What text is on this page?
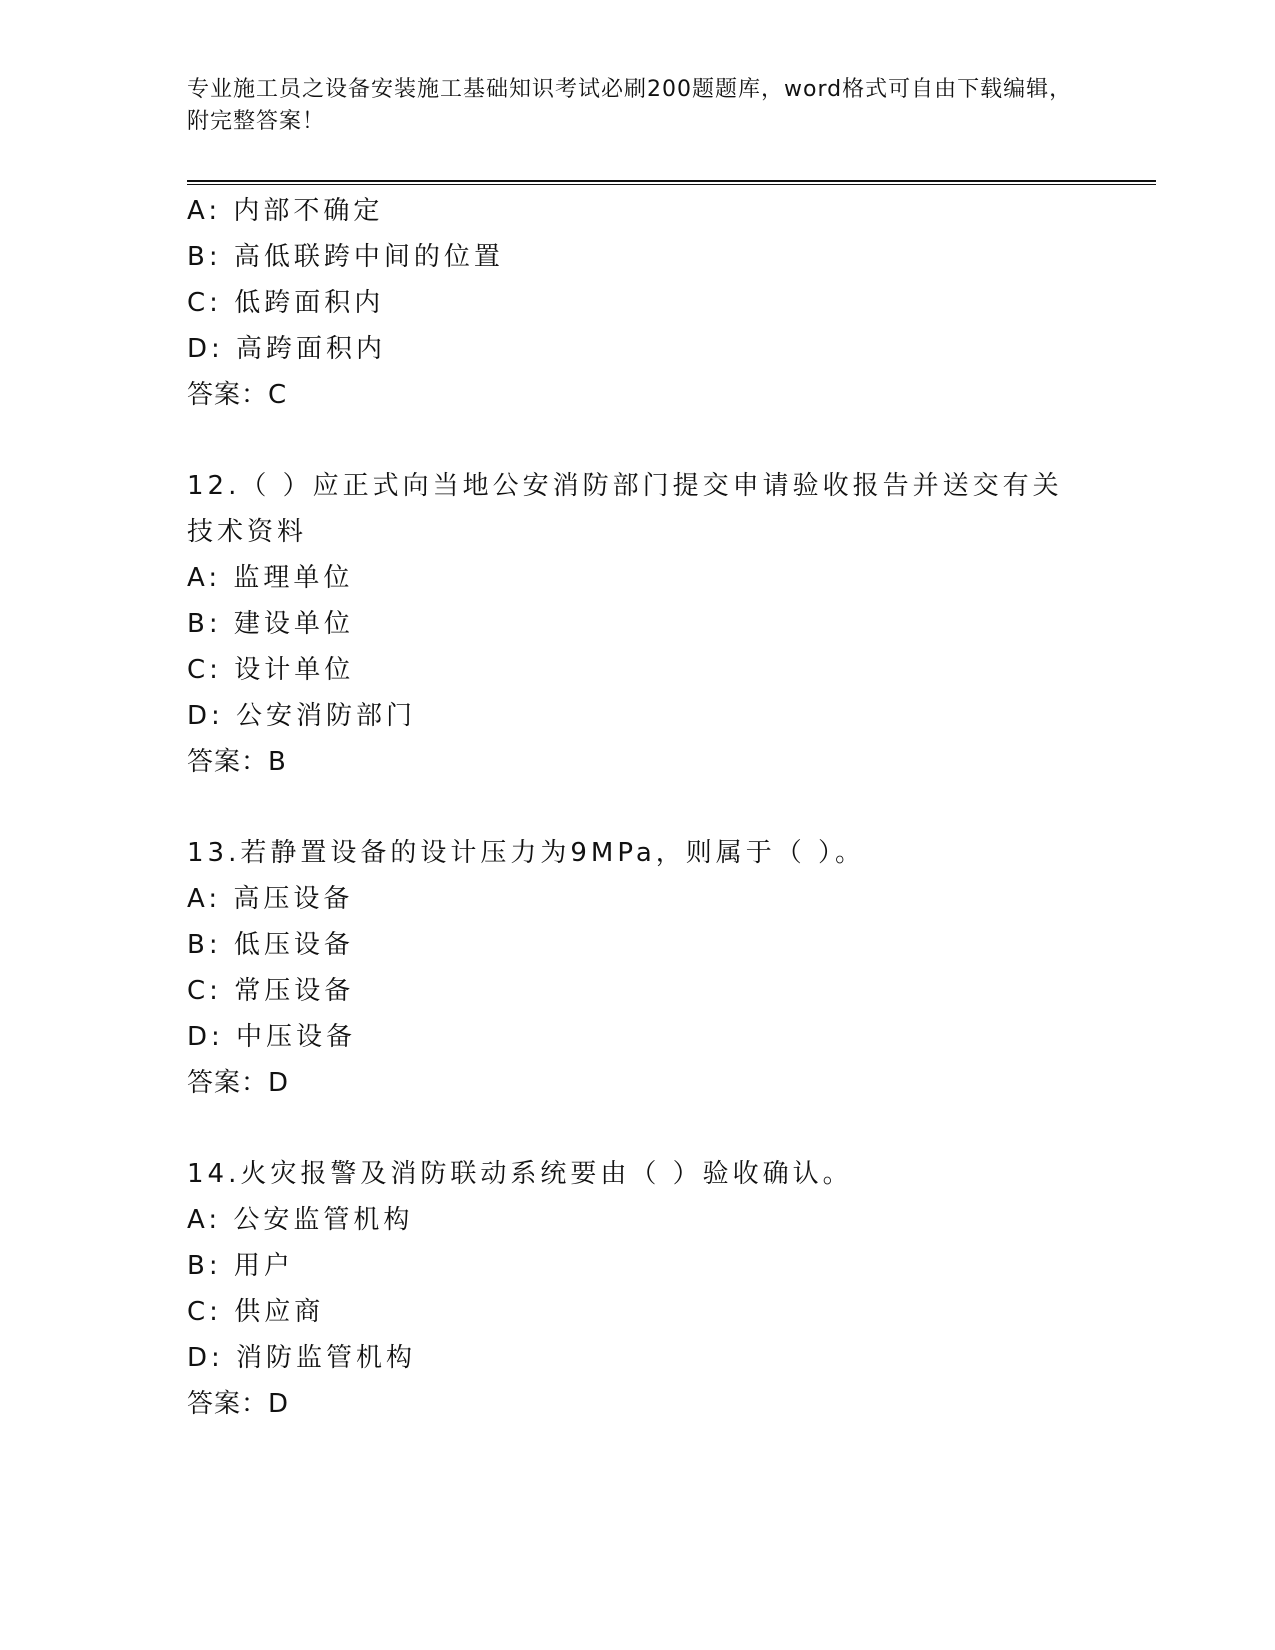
专业施工员之设备安装施工基础知识考试必刷200题题库，word格式可自由下载编辑，附完整答案！
A: 内部不确定
B: 高低联跨中间的位置
C: 低跨面积内
D: 高跨面积内
答案：C
12.（ ）应正式向当地公安消防部门提交申请验收报告并送交有关技术资料
A: 监理单位
B: 建设单位
C: 设计单位
D: 公安消防部门
答案：B
13.若静置设备的设计压力为9MPa，则属于（ ）。
A: 高压设备
B: 低压设备
C: 常压设备
D: 中压设备
答案：D
14.火灾报警及消防联动系统要由（ ）验收确认。
A: 公安监管机构
B: 用户
C: 供应商
D: 消防监管机构
答案：D
